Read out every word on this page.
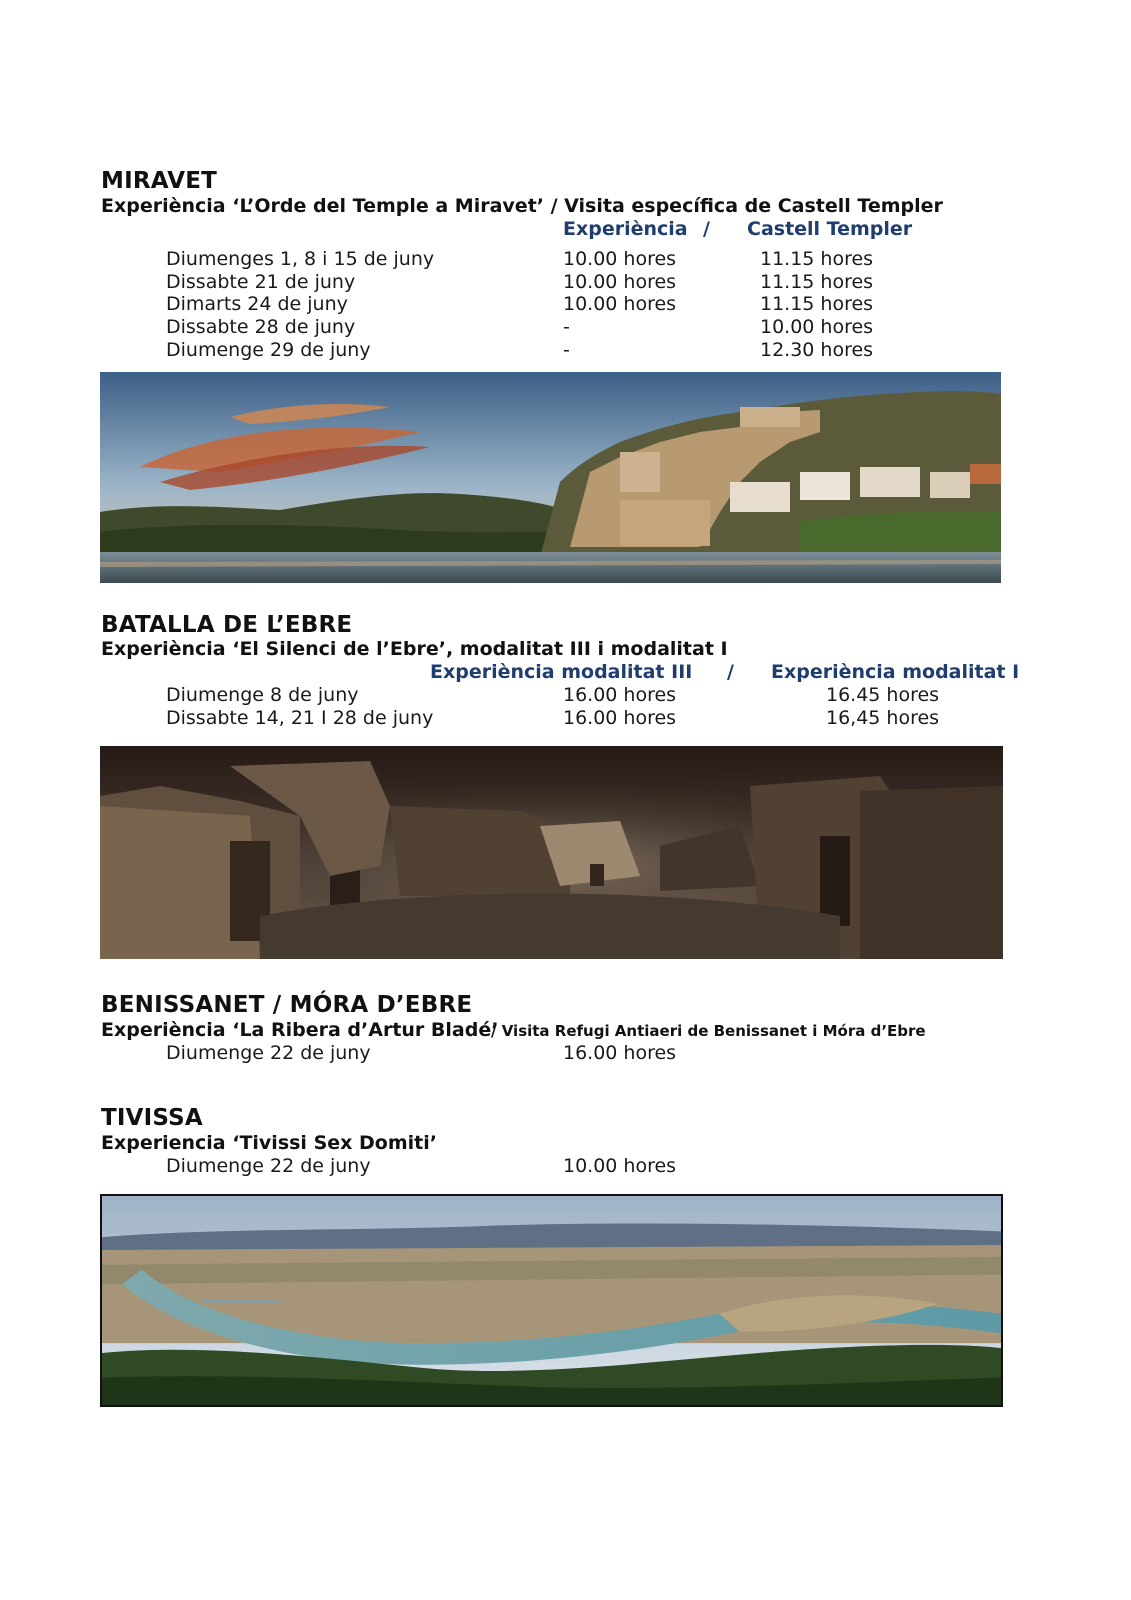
MIRAVET
Experiència ‘L’Orde del Temple a Miravet’ / Visita específica de Castell Templer
Experiència / Castell Templer
Diumenges 1, 8 i 15 de juny	10.00 hores	11.15 hores
Dissabte 21 de juny	10.00 hores	11.15 hores
Dimarts 24 de juny	10.00 hores	11.15 hores
Dissabte 28 de juny	-	10.00 hores
Diumenge 29 de juny	-	12.30 hores
BATALLA DE L’EBRE
Experiència ‘El Silenci de l’Ebre’, modalitat III i modalitat I
Experiència modalitat III / Experiència modalitat I
Diumenge 8 de juny	16.00 hores	16.45 hores
Dissabte 14, 21 I 28 de juny	16.00 hores	16,45 hores
BENISSANET / MÓRA D’EBRE
Experiència ‘La Ribera d’Artur Bladé’
/ Visita Refugi Antiaeri de Benissanet i Móra d’Ebre
Diumenge 22 de juny	16.00 hores
TIVISSA
Experiencia ‘Tivissi Sex Domiti’
Diumenge 22 de juny	10.00 hores
